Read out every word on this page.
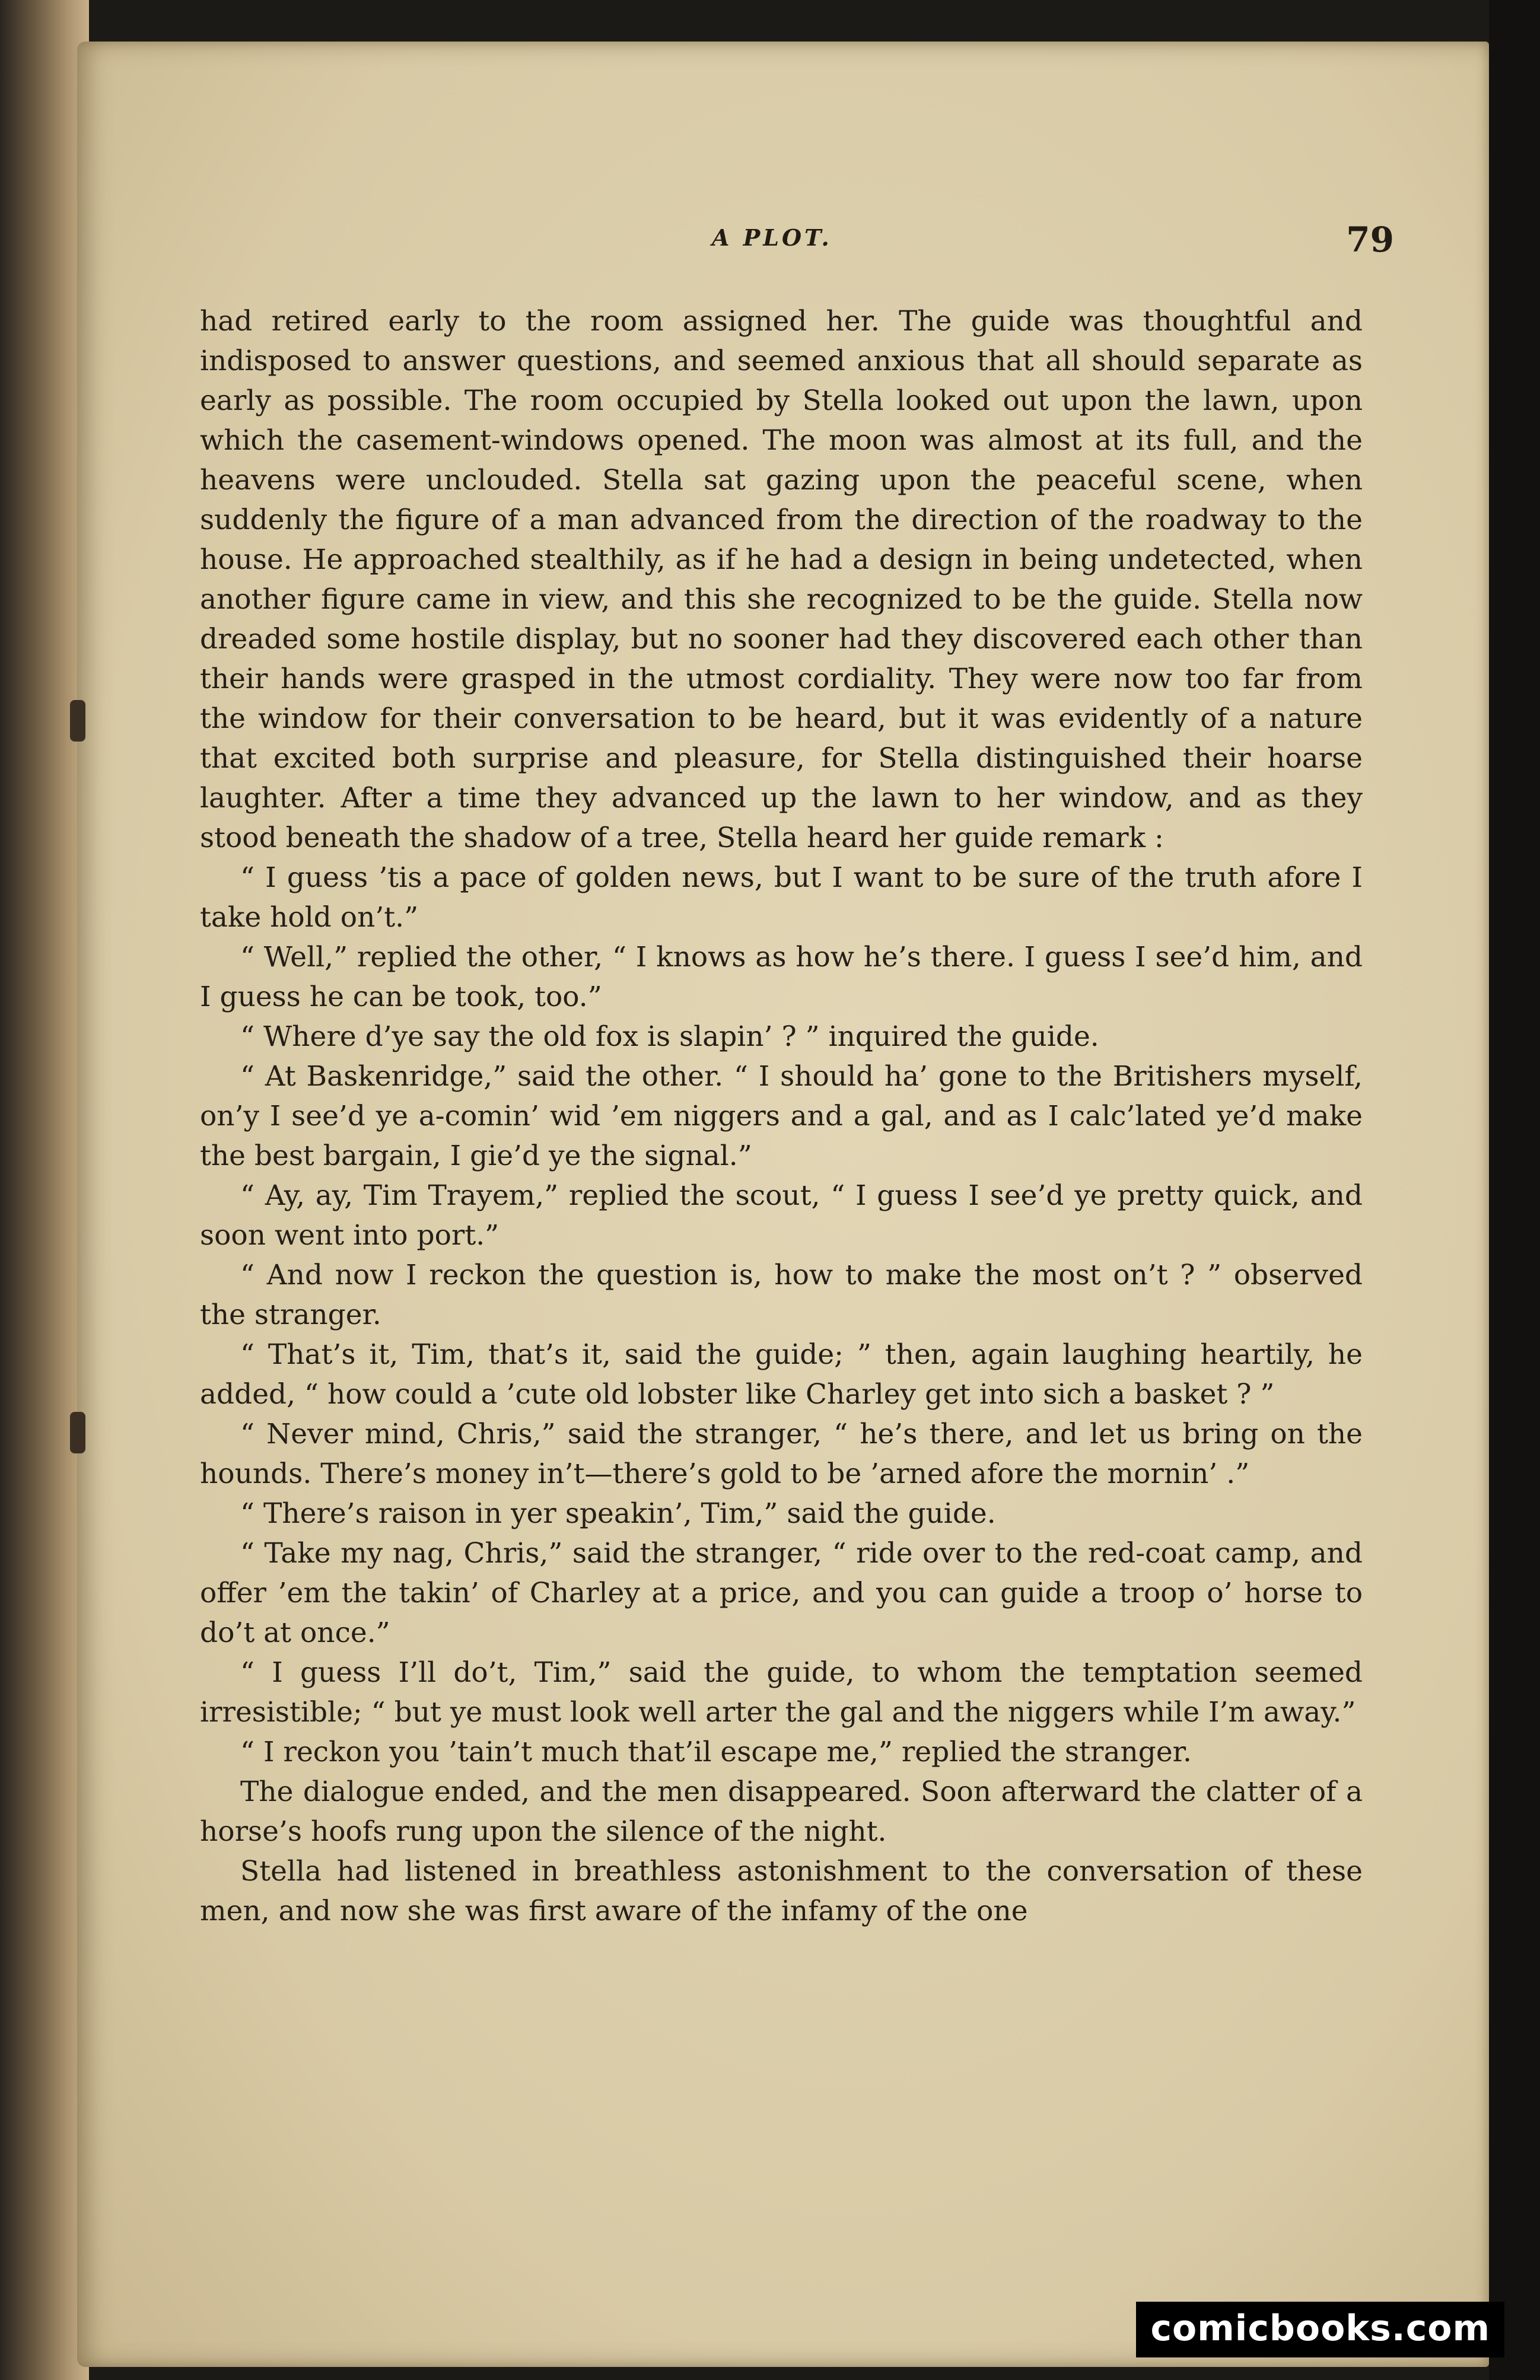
A PLOT.	79

had retired early to the room assigned her. The guide was thoughtful and indisposed to answer questions, and seemed anxious that all should separate as early as possible. The room occupied by Stella looked out upon the lawn, upon which the casement-windows opened. The moon was almost at its full, and the heavens were unclouded. Stella sat gazing upon the peaceful scene, when suddenly the figure of a man advanced from the direction of the roadway to the house. He approached stealthily, as if he had a design in being undetected, when another figure came in view, and this she recognized to be the guide. Stella now dreaded some hostile display, but no sooner had they discovered each other than their hands were grasped in the utmost cordiality. They were now too far from the window for their conversation to be heard, but it was evidently of a nature that excited both surprise and pleasure, for Stella distinguished their hoarse laughter. After a time they advanced up the lawn to her window, and as they stood beneath the shadow of a tree, Stella heard her guide remark :

“ I guess ’tis a pace of golden news, but I want to be sure of the truth afore I take hold on’t.”

“ Well,” replied the other, “ I knows as how he’s there. I guess I see’d him, and I guess he can be took, too.”

“ Where d’ye say the old fox is slapin’ ? ” inquired the guide.

“ At Baskenridge,” said the other. “ I should ha’ gone to the Britishers myself, on’y I see’d ye a-comin’ wid ’em niggers and a gal, and as I calc’lated ye’d make the best bargain, I gie’d ye the signal.”

“ Ay, ay, Tim Trayem,” replied the scout, “ I guess I see’d ye pretty quick, and soon went into port.”

“ And now I reckon the question is, how to make the most on’t ? ” observed the stranger.

“ That’s it, Tim, that’s it, said the guide; ” then, again laughing heartily, he added, “ how could a ’cute old lobster like Charley get into sich a basket ? ”

“ Never mind, Chris,” said the stranger, “ he’s there, and let us bring on the hounds. There’s money in’t—there’s gold to be ’arned afore the mornin’ .”

“ There’s raison in yer speakin’, Tim,” said the guide.

“ Take my nag, Chris,” said the stranger, “ ride over to the red-coat camp, and offer ’em the takin’ of Charley at a price, and you can guide a troop o’ horse to do’t at once.”

“ I guess I’ll do’t, Tim,” said the guide, to whom the temptation seemed irresistible; “ but ye must look well arter the gal and the niggers while I’m away.”

“ I reckon you ’tain’t much that’il escape me,” replied the stranger.

The dialogue ended, and the men disappeared. Soon afterward the clatter of a horse’s hoofs rung upon the silence of the night.

Stella had listened in breathless astonishment to the conversation of these men, and now she was first aware of the infamy of the one

comicbooks.com
